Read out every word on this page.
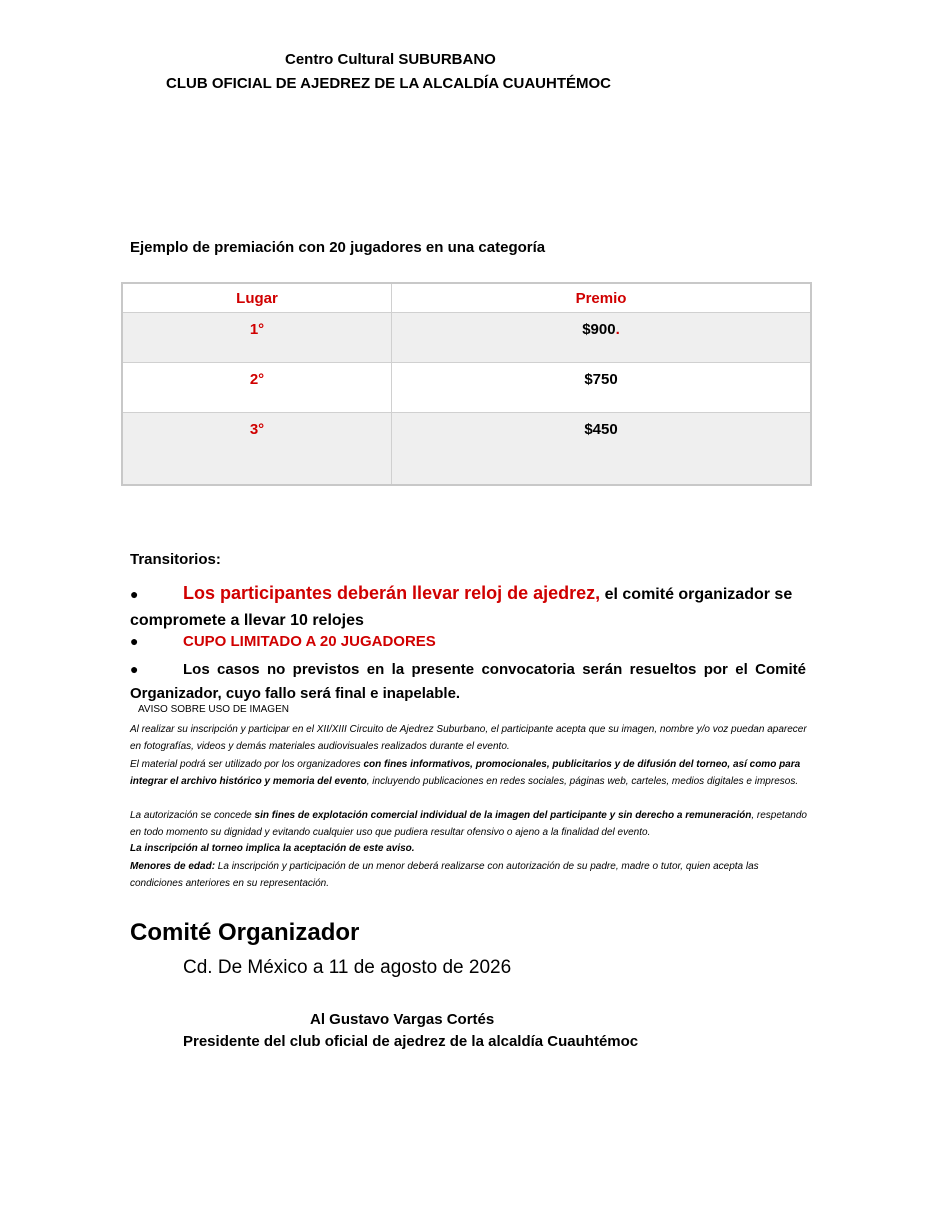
Centro Cultural SUBURBANO
CLUB OFICIAL DE AJEDREZ DE LA ALCALDÍA CUAUHTÉMOC
Ejemplo de premiación con 20 jugadores en una categoría
Lugar	Premio
1°	$900.
2°	$750
3°	$450
Transitorios:
● Los participantes deberán llevar reloj de ajedrez, el comité organizador se compromete a llevar 10 relojes
●	CUPO LIMITADO A 20 JUGADORES
●	Los casos no previstos en la presente convocatoria serán resueltos por el Comité Organizador, cuyo fallo será final e inapelable.
AVISO SOBRE USO DE IMAGEN
Al realizar su inscripción y participar en el XII/XIII Circuito de Ajedrez Suburbano, el participante acepta que su imagen, nombre y/o voz puedan aparecer en fotografías, videos y demás materiales audiovisuales realizados durante el evento.
El material podrá ser utilizado por los organizadores con fines informativos, promocionales, publicitarios y de difusión del torneo, así como para integrar el archivo histórico y memoria del evento, incluyendo publicaciones en redes sociales, páginas web, carteles, medios digitales e impresos.
La autorización se concede sin fines de explotación comercial individual de la imagen del participante y sin derecho a remuneración, respetando en todo momento su dignidad y evitando cualquier uso que pudiera resultar ofensivo o ajeno a la finalidad del evento.
La inscripción al torneo implica la aceptación de este aviso.
Menores de edad: La inscripción y participación de un menor deberá realizarse con autorización de su padre, madre o tutor, quien acepta las condiciones anteriores en su representación.
Comité Organizador
Cd. De México a 11 de agosto de 2026
Al Gustavo Vargas Cortés
Presidente del club oficial de ajedrez de la alcaldía Cuauhtémoc
